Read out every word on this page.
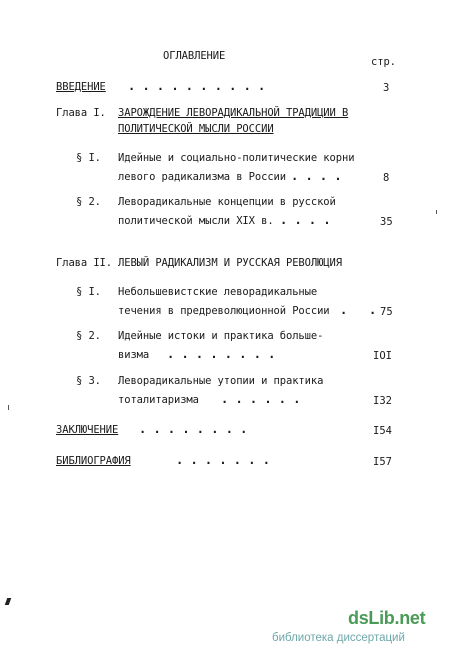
ОГЛАВЛЕНИЕ	стр.
ВВЕДЕНИЕ . . . . . . . . . .	3
Глава I. ЗАРОЖДЕНИЕ ЛЕВОРАДИКАЛЬНОЙ ТРАДИЦИИ В
ПОЛИТИЧЕСКОЙ МЫСЛИ РОССИИ
§ I. Идейные и социально-политические корни
левого радикализма в России . . . .	8
§ 2. Леворадикальные концепции в русской
политической мысли XIX в. . . . .	35
Глава II. ЛЕВЫЙ РАДИКАЛИЗМ И РУССКАЯ РЕВОЛЮЦИЯ
§ I. Небольшевистские леворадикальные
течения в предреволюционной России . . 75
§ 2. Идейные истоки и практика больше-
визма . . . . . . . .	IOI
§ 3. Леворадикальные утопии и практика
тоталитаризма . . . . . .	I32
ЗАКЛЮЧЕНИЕ . . . . . . . .	I54
БИБЛИОГРАФИЯ	. . . . . . .	I57
dsLib.net
библиотека диссертаций
